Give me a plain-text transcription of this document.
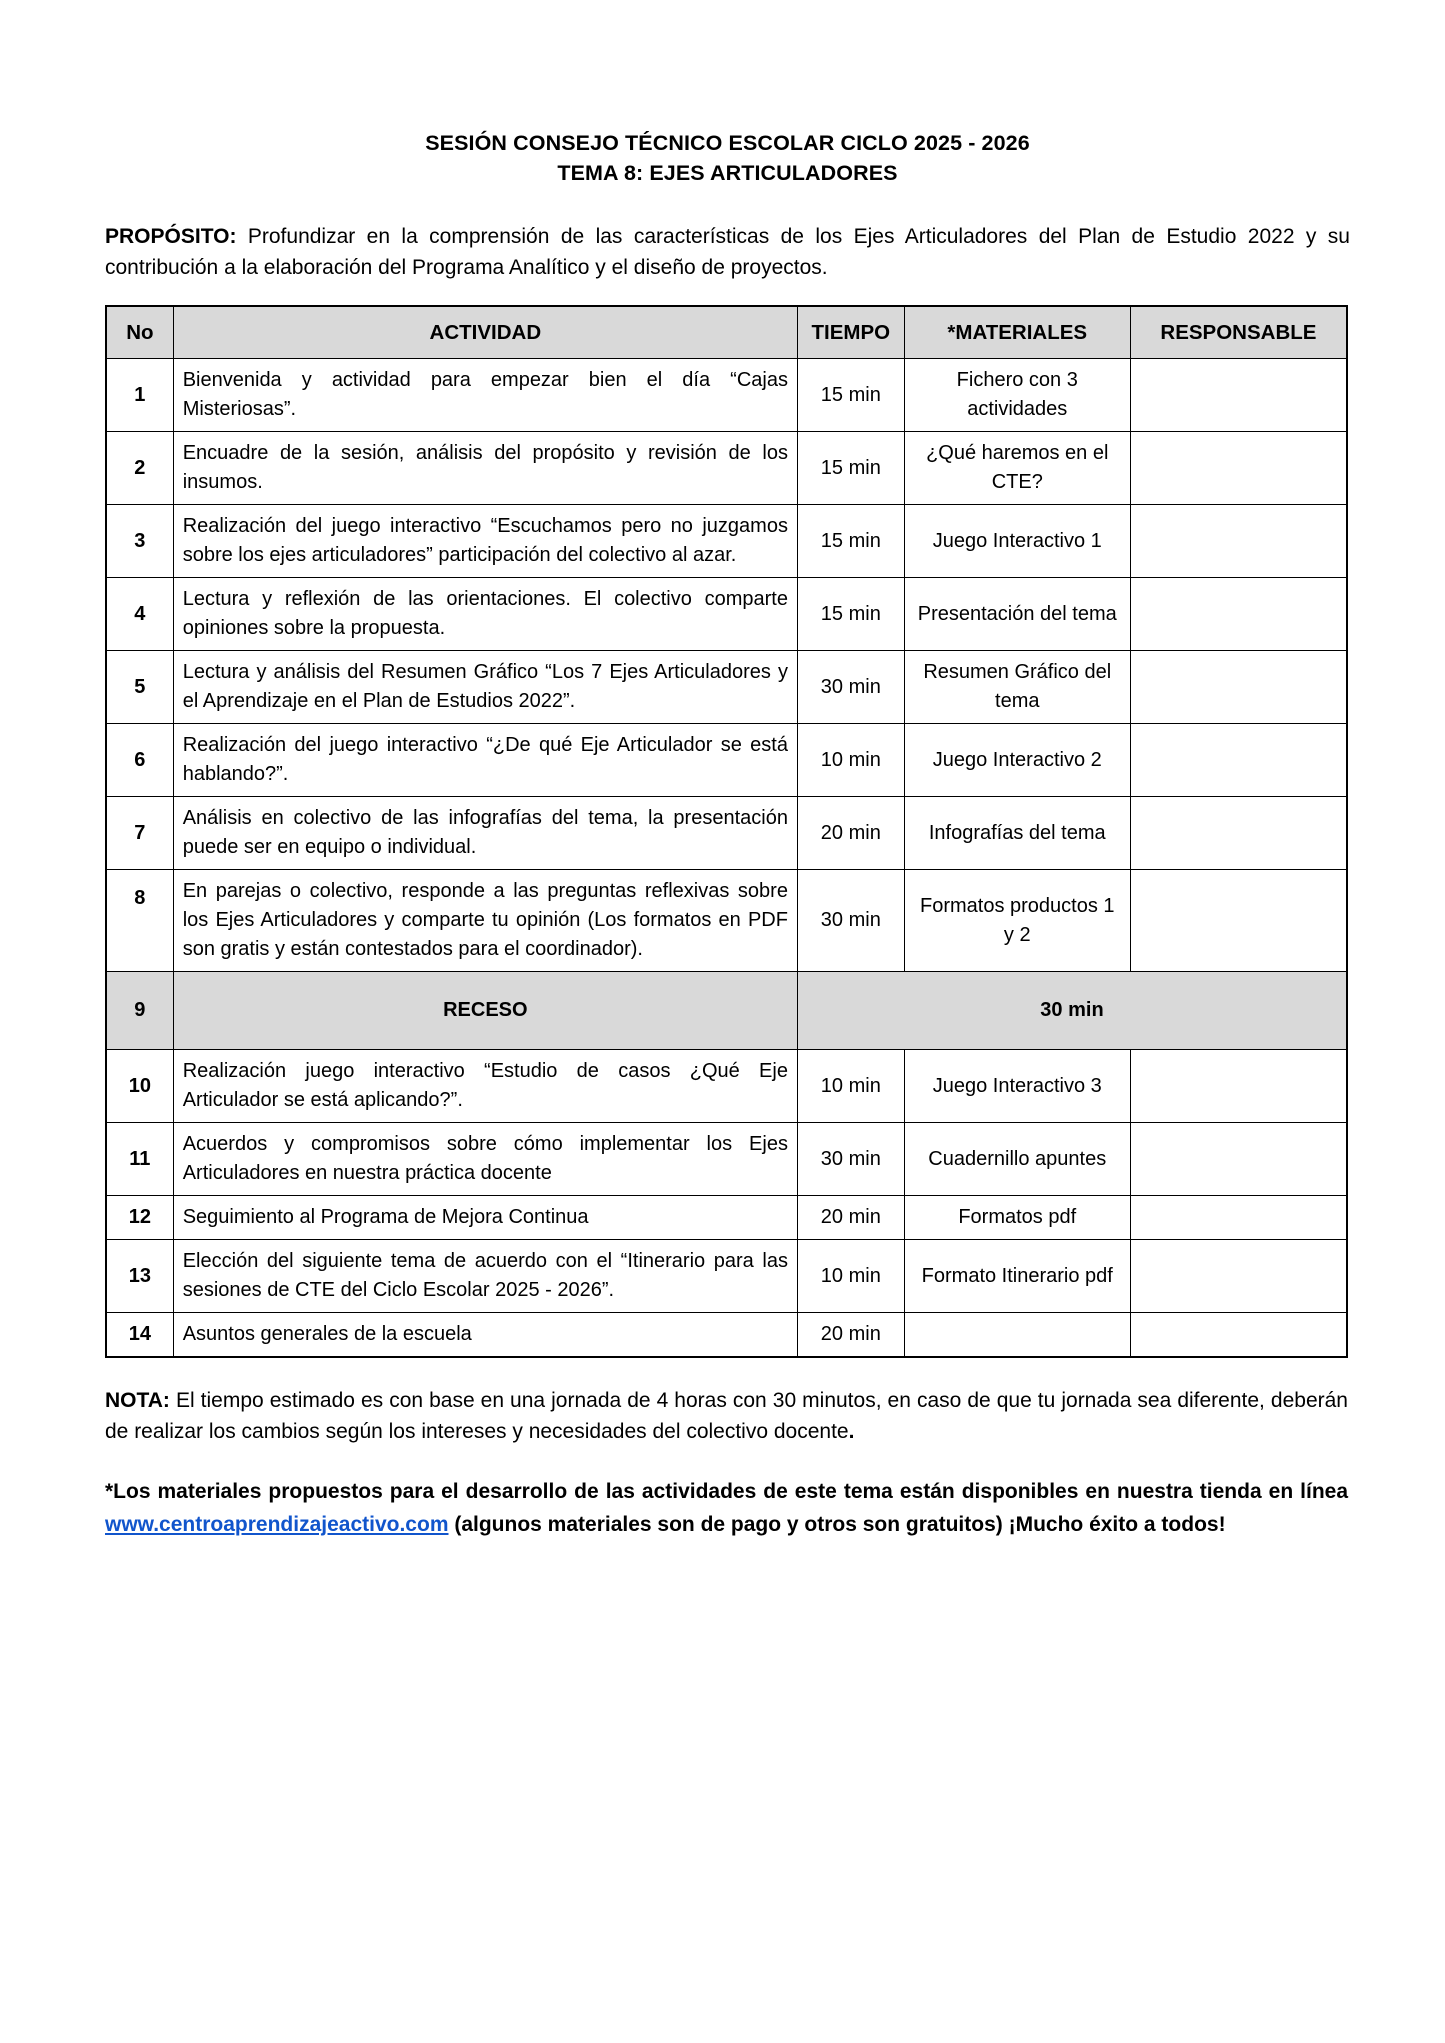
SESIÓN CONSEJO TÉCNICO ESCOLAR CICLO 2025 - 2026
TEMA 8: EJES ARTICULADORES

PROPÓSITO: Profundizar en la comprensión de las características de los Ejes Articuladores del Plan de Estudio 2022 y su contribución a la elaboración del Programa Analítico y el diseño de proyectos.

No	ACTIVIDAD	TIEMPO	*MATERIALES	RESPONSABLE
1	Bienvenida y actividad para empezar bien el día “Cajas Misteriosas”.	15 min	Fichero con 3 actividades	
2	Encuadre de la sesión, análisis del propósito y revisión de los insumos.	15 min	¿Qué haremos en el CTE?	
3	Realización del juego interactivo “Escuchamos pero no juzgamos sobre los ejes articuladores” participación del colectivo al azar.	15 min	Juego Interactivo 1	
4	Lectura y reflexión de las orientaciones. El colectivo comparte opiniones sobre la propuesta.	15 min	Presentación del tema	
5	Lectura y análisis del Resumen Gráfico “Los 7 Ejes Articuladores y el Aprendizaje en el Plan de Estudios 2022”.	30 min	Resumen Gráfico del tema	
6	Realización del juego interactivo “¿De qué Eje Articulador se está hablando?”.	10 min	Juego Interactivo 2	
7	Análisis en colectivo de las infografías del tema, la presentación puede ser en equipo o individual.	20 min	Infografías del tema	
8	En parejas o colectivo, responde a las preguntas reflexivas sobre los Ejes Articuladores y comparte tu opinión (Los formatos en PDF son gratis y están contestados para el coordinador).	30 min	Formatos productos 1 y 2	
9	RECESO	30 min		
10	Realización juego interactivo “Estudio de casos ¿Qué Eje Articulador se está aplicando?”.	10 min	Juego Interactivo 3	
11	Acuerdos y compromisos sobre cómo implementar los Ejes Articuladores en nuestra práctica docente	30 min	Cuadernillo apuntes	
12	Seguimiento al Programa de Mejora Continua	20 min	Formatos pdf	
13	Elección del siguiente tema de acuerdo con el “Itinerario para las sesiones de CTE del Ciclo Escolar 2025 - 2026”.	10 min	Formato Itinerario pdf	
14	Asuntos generales de la escuela	20 min		

NOTA: El tiempo estimado es con base en una jornada de 4 horas con 30 minutos, en caso de que tu jornada sea diferente, deberán de realizar los cambios según los intereses y necesidades del colectivo docente.

*Los materiales propuestos para el desarrollo de las actividades de este tema están disponibles en nuestra tienda en línea www.centroaprendizajeactivo.com (algunos materiales son de pago y otros son gratuitos) ¡Mucho éxito a todos!
